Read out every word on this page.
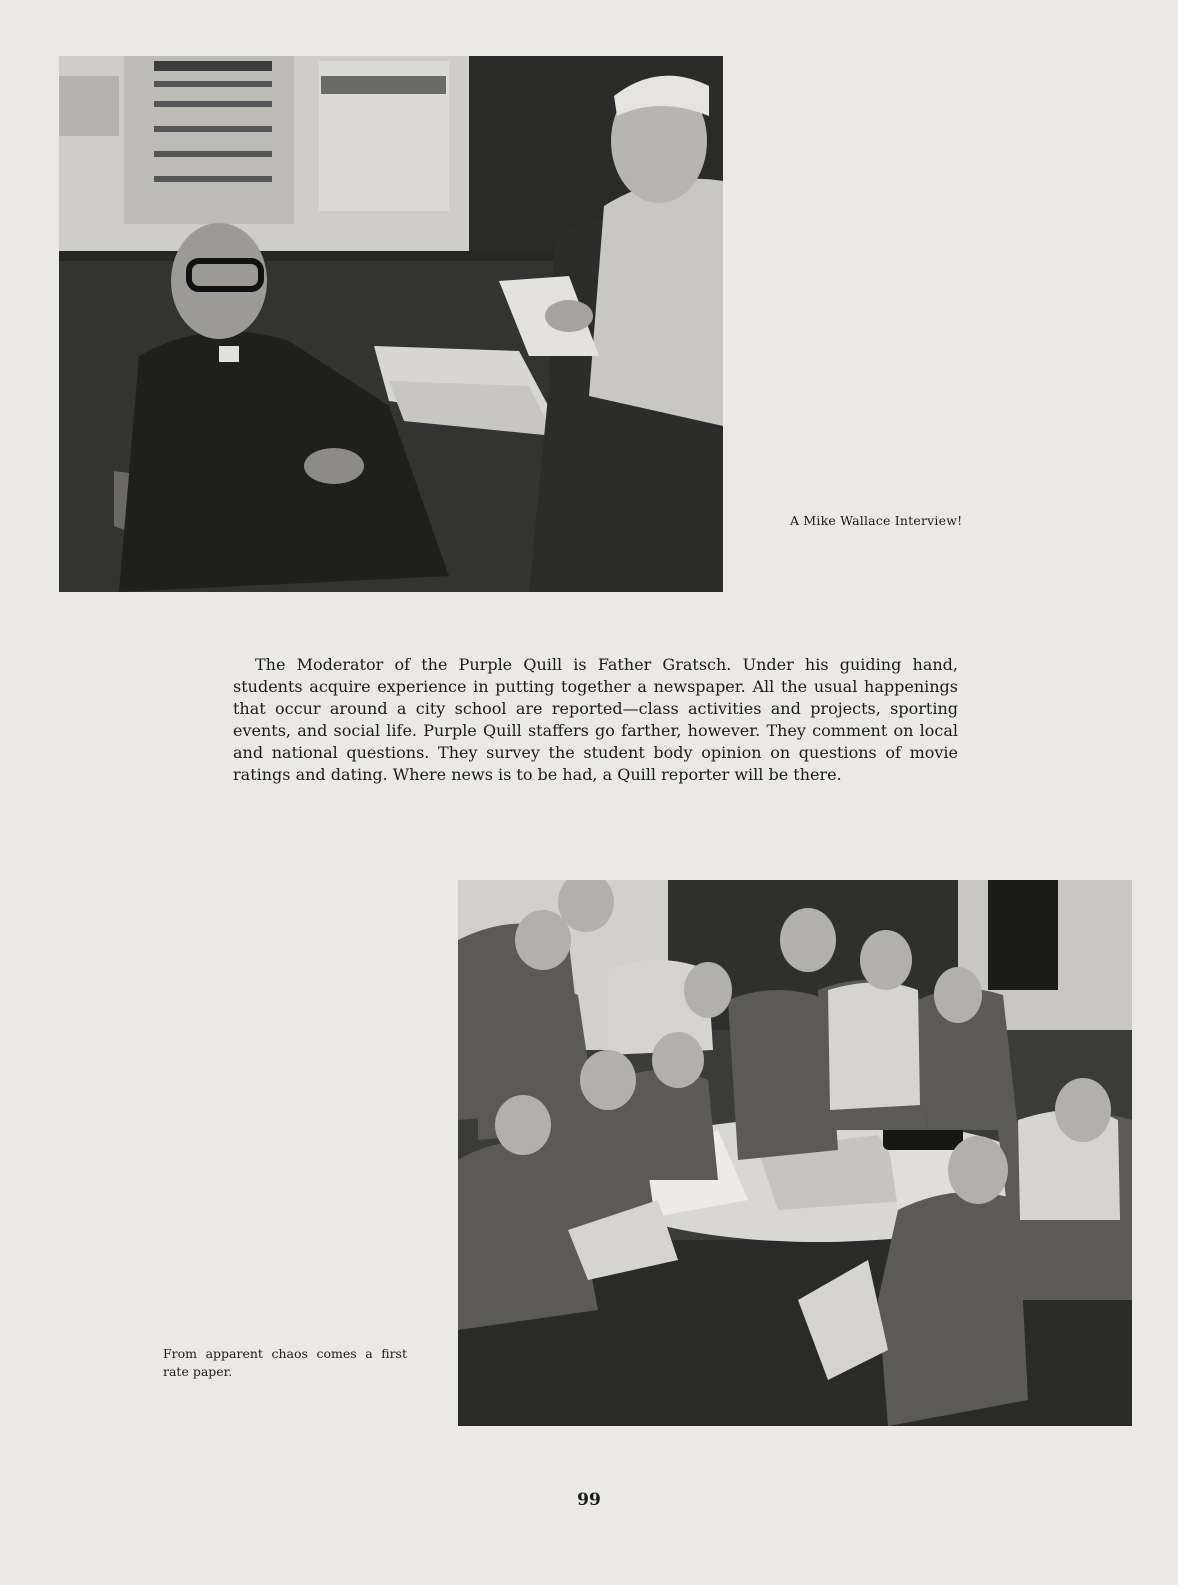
A Mike Wallace Interview!

The Moderator of the Purple Quill is Father Gratsch. Under his guiding hand, students acquire experience in putting together a newspaper. All the usual happenings that occur around a city school are reported—class activities and projects, sporting events, and social life. Purple Quill staffers go farther, however. They comment on local and national questions. They survey the student body opinion on questions of movie ratings and dating. Where news is to be had, a Quill reporter will be there.

From apparent chaos comes a first rate paper.

99
